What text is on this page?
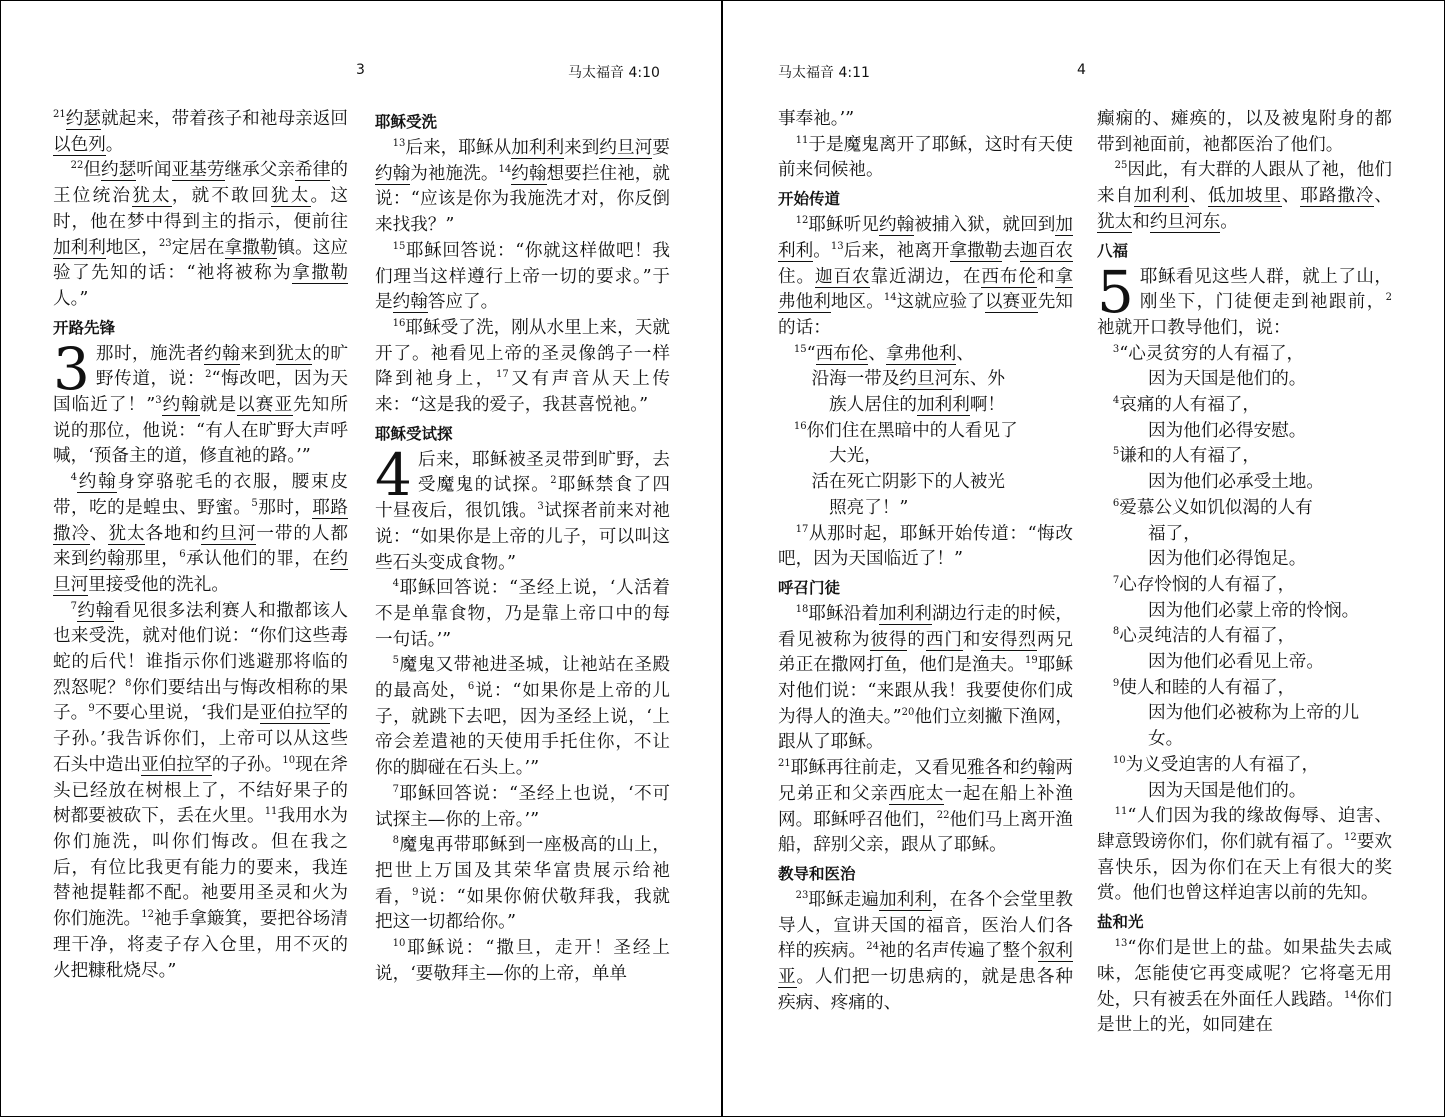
3	马太福音 4:10

$^{21}$约瑟就起来，带着孩子和祂母亲返回以色列。

$^{22}$但约瑟听闻亚基劳继承父亲希律的王位统治犹太，就不敢回犹太。这时，他在梦中得到主的指示，便前往加利利地区，$^{23}$定居在拿撒勒镇。这应验了先知的话：“祂将被称为拿撒勒人。”

开路先锋

3 那时，施洗者约翰来到犹太的旷野传道，说：$^2$“悔改吧，因为天国临近了！”$^3$约翰就是以赛亚先知所说的那位，他说：“有人在旷野大声呼喊，‘预备主的道，修直祂的路。’”

$^4$约翰身穿骆驼毛的衣服，腰束皮带，吃的是蝗虫、野蜜。$^5$那时，耶路撒冷、犹太各地和约旦河一带的人都来到约翰那里，$^6$承认他们的罪，在约旦河里接受他的洗礼。

$^7$约翰看见很多法利赛人和撒都该人也来受洗，就对他们说：“你们这些毒蛇的后代！谁指示你们逃避那将临的烈怒呢？$^8$你们要结出与悔改相称的果子。$^9$不要心里说，‘我们是亚伯拉罕的子孙。’我告诉你们，上帝可以从这些石头中造出亚伯拉罕的子孙。$^{10}$现在斧头已经放在树根上了，不结好果子的树都要被砍下，丢在火里。$^{11}$我用水为你们施洗，叫你们悔改。但在我之后，有位比我更有能力的要来，我连替祂提鞋都不配。祂要用圣灵和火为你们施洗。$^{12}$祂手拿簸箕，要把谷场清理干净，将麦子存入仓里，用不灭的火把糠秕烧尽。”

耶稣受洗

$^{13}$后来，耶稣从加利利来到约旦河要约翰为祂施洗。$^{14}$约翰想要拦住祂，就说：“应该是你为我施洗才对，你反倒来找我？”

$^{15}$耶稣回答说：“你就这样做吧！我们理当这样遵行上帝一切的要求。”于是约翰答应了。

$^{16}$耶稣受了洗，刚从水里上来，天就开了。祂看见上帝的圣灵像鸽子一样降到祂身上，$^{17}$又有声音从天上传来：“这是我的爱子，我甚喜悦祂。”

耶稣受试探

4 后来，耶稣被圣灵带到旷野，去受魔鬼的试探。$^2$耶稣禁食了四十昼夜后，很饥饿。$^3$试探者前来对祂说：“如果你是上帝的儿子，可以叫这些石头变成食物。”

$^4$耶稣回答说：“圣经上说，‘人活着不是单靠食物，乃是靠上帝口中的每一句话。’”

$^5$魔鬼又带祂进圣城，让祂站在圣殿的最高处，$^6$说：“如果你是上帝的儿子，就跳下去吧，因为圣经上说，‘上帝会差遣祂的天使用手托住你，不让你的脚碰在石头上。’”

$^7$耶稣回答说：“圣经上也说，‘不可试探主—你的上帝。’”

$^8$魔鬼再带耶稣到一座极高的山上，把世上万国及其荣华富贵展示给祂看，$^9$说：“如果你俯伏敬拜我，我就把这一切都给你。”

$^{10}$耶稣说：“撒旦，走开！圣经上说，‘要敬拜主—你的上帝，单单

马太福音 4:11	4

事奉祂。’”

$^{11}$于是魔鬼离开了耶稣，这时有天使前来伺候祂。

开始传道

$^{12}$耶稣听见约翰被捕入狱，就回到加利利。$^{13}$后来，祂离开拿撒勒去迦百农住。迦百农靠近湖边，在西布伦和拿弗他利地区。$^{14}$这就应验了以赛亚先知的话：

$^{15}$“西布伦、拿弗他利、
沿海一带及约旦河东、外
族人居住的加利利啊！
$^{16}$你们住在黑暗中的人看见了
大光，
活在死亡阴影下的人被光
照亮了！”

$^{17}$从那时起，耶稣开始传道：“悔改吧，因为天国临近了！”

呼召门徒

$^{18}$耶稣沿着加利利湖边行走的时候，看见被称为彼得的西门和安得烈两兄弟正在撒网打鱼，他们是渔夫。$^{19}$耶稣对他们说：“来跟从我！我要使你们成为得人的渔夫。”$^{20}$他们立刻撇下渔网，跟从了耶稣。

$^{21}$耶稣再往前走，又看见雅各和约翰两兄弟正和父亲西庇太一起在船上补渔网。耶稣呼召他们，$^{22}$他们马上离开渔船，辞别父亲，跟从了耶稣。

教导和医治

$^{23}$耶稣走遍加利利，在各个会堂里教导人，宣讲天国的福音，医治人们各样的疾病。$^{24}$祂的名声传遍了整个叙利亚。人们把一切患病的，就是患各种疾病、疼痛的、

癫痫的、瘫痪的，以及被鬼附身的都带到祂面前，祂都医治了他们。

$^{25}$因此，有大群的人跟从了祂，他们来自加利利、低加坡里、耶路撒冷、犹太和约旦河东。

八福

5 耶稣看见这些人群，就上了山，刚坐下，门徒便走到祂跟前，$^2$祂就开口教导他们，说：

$^3$“心灵贫穷的人有福了，
因为天国是他们的。
$^4$哀痛的人有福了，
因为他们必得安慰。
$^5$谦和的人有福了，
因为他们必承受土地。
$^6$爱慕公义如饥似渴的人有
福了，
因为他们必得饱足。
$^7$心存怜悯的人有福了，
因为他们必蒙上帝的怜悯。
$^8$心灵纯洁的人有福了，
因为他们必看见上帝。
$^9$使人和睦的人有福了，
因为他们必被称为上帝的儿女。
$^{10}$为义受迫害的人有福了，
因为天国是他们的。

$^{11}$“人们因为我的缘故侮辱、迫害、肆意毁谤你们，你们就有福了。$^{12}$要欢喜快乐，因为你们在天上有很大的奖赏。他们也曾这样迫害以前的先知。

盐和光

$^{13}$“你们是世上的盐。如果盐失去咸味，怎能使它再变咸呢？它将毫无用处，只有被丢在外面任人践踏。$^{14}$你们是世上的光，如同建在
